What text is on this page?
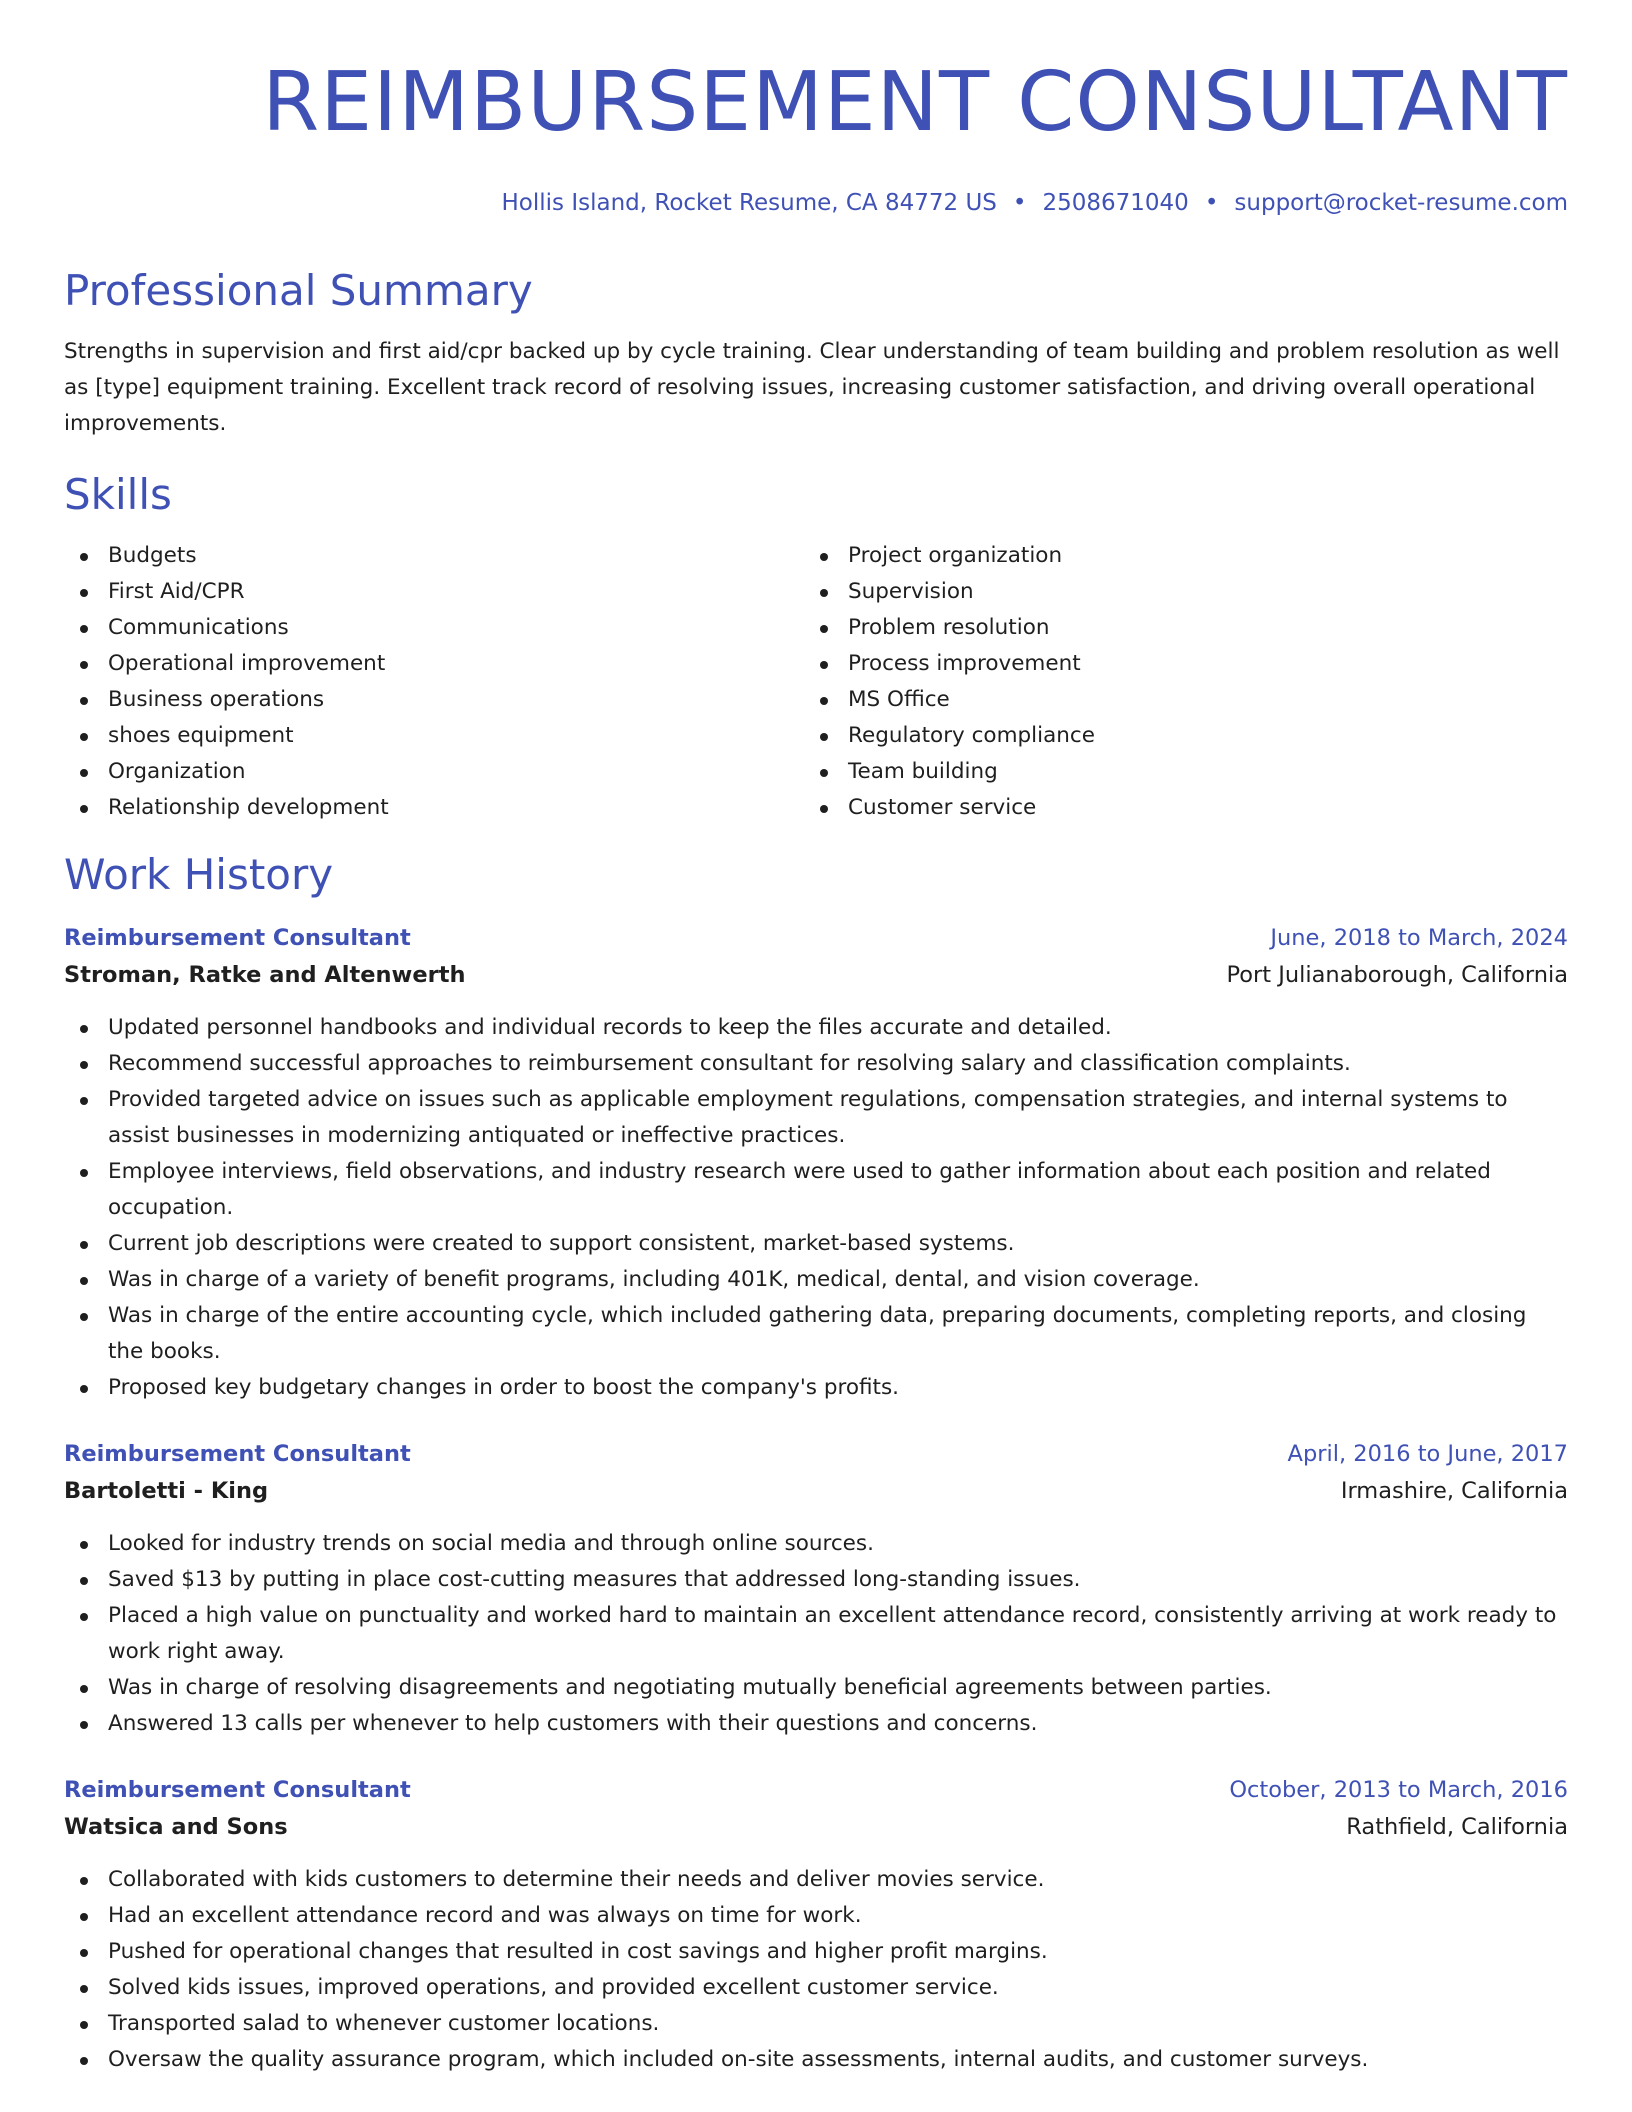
REIMBURSEMENT CONSULTANT
Hollis Island, Rocket Resume, CA 84772 US • 2508671040 • support@rocket-resume.com
Professional Summary

Strengths in supervision and first aid/cpr backed up by cycle training. Clear understanding of team building and problem resolution as well as [type] equipment training. Excellent track record of resolving issues, increasing customer satisfaction, and driving overall operational improvements.

Skills
Budgets
First Aid/CPR
Communications
Operational improvement
Business operations
shoes equipment
Organization
Relationship development
Project organization
Supervision
Problem resolution
Process improvement
MS Office
Regulatory compliance
Team building
Customer service
Work History
Reimbursement Consultant	June, 2018 to March, 2024
Stroman, Ratke and Altenwerth	Port Julianaborough, California
Updated personnel handbooks and individual records to keep the files accurate and detailed.
Recommend successful approaches to reimbursement consultant for resolving salary and classification complaints.
Provided targeted advice on issues such as applicable employment regulations, compensation strategies, and internal systems to assist businesses in modernizing antiquated or ineffective practices.
Employee interviews, field observations, and industry research were used to gather information about each position and related occupation.
Current job descriptions were created to support consistent, market-based systems.
Was in charge of a variety of benefit programs, including 401K, medical, dental, and vision coverage.
Was in charge of the entire accounting cycle, which included gathering data, preparing documents, completing reports, and closing the books.
Proposed key budgetary changes in order to boost the company's profits.
Reimbursement Consultant	April, 2016 to June, 2017
Bartoletti - King	Irmashire, California
Looked for industry trends on social media and through online sources.
Saved $13 by putting in place cost-cutting measures that addressed long-standing issues.
Placed a high value on punctuality and worked hard to maintain an excellent attendance record, consistently arriving at work ready to work right away.
Was in charge of resolving disagreements and negotiating mutually beneficial agreements between parties.
Answered 13 calls per whenever to help customers with their questions and concerns.
Reimbursement Consultant	October, 2013 to March, 2016
Watsica and Sons	Rathfield, California
Collaborated with kids customers to determine their needs and deliver movies service.
Had an excellent attendance record and was always on time for work.
Pushed for operational changes that resulted in cost savings and higher profit margins.
Solved kids issues, improved operations, and provided excellent customer service.
Transported salad to whenever customer locations.
Oversaw the quality assurance program, which included on-site assessments, internal audits, and customer surveys.
